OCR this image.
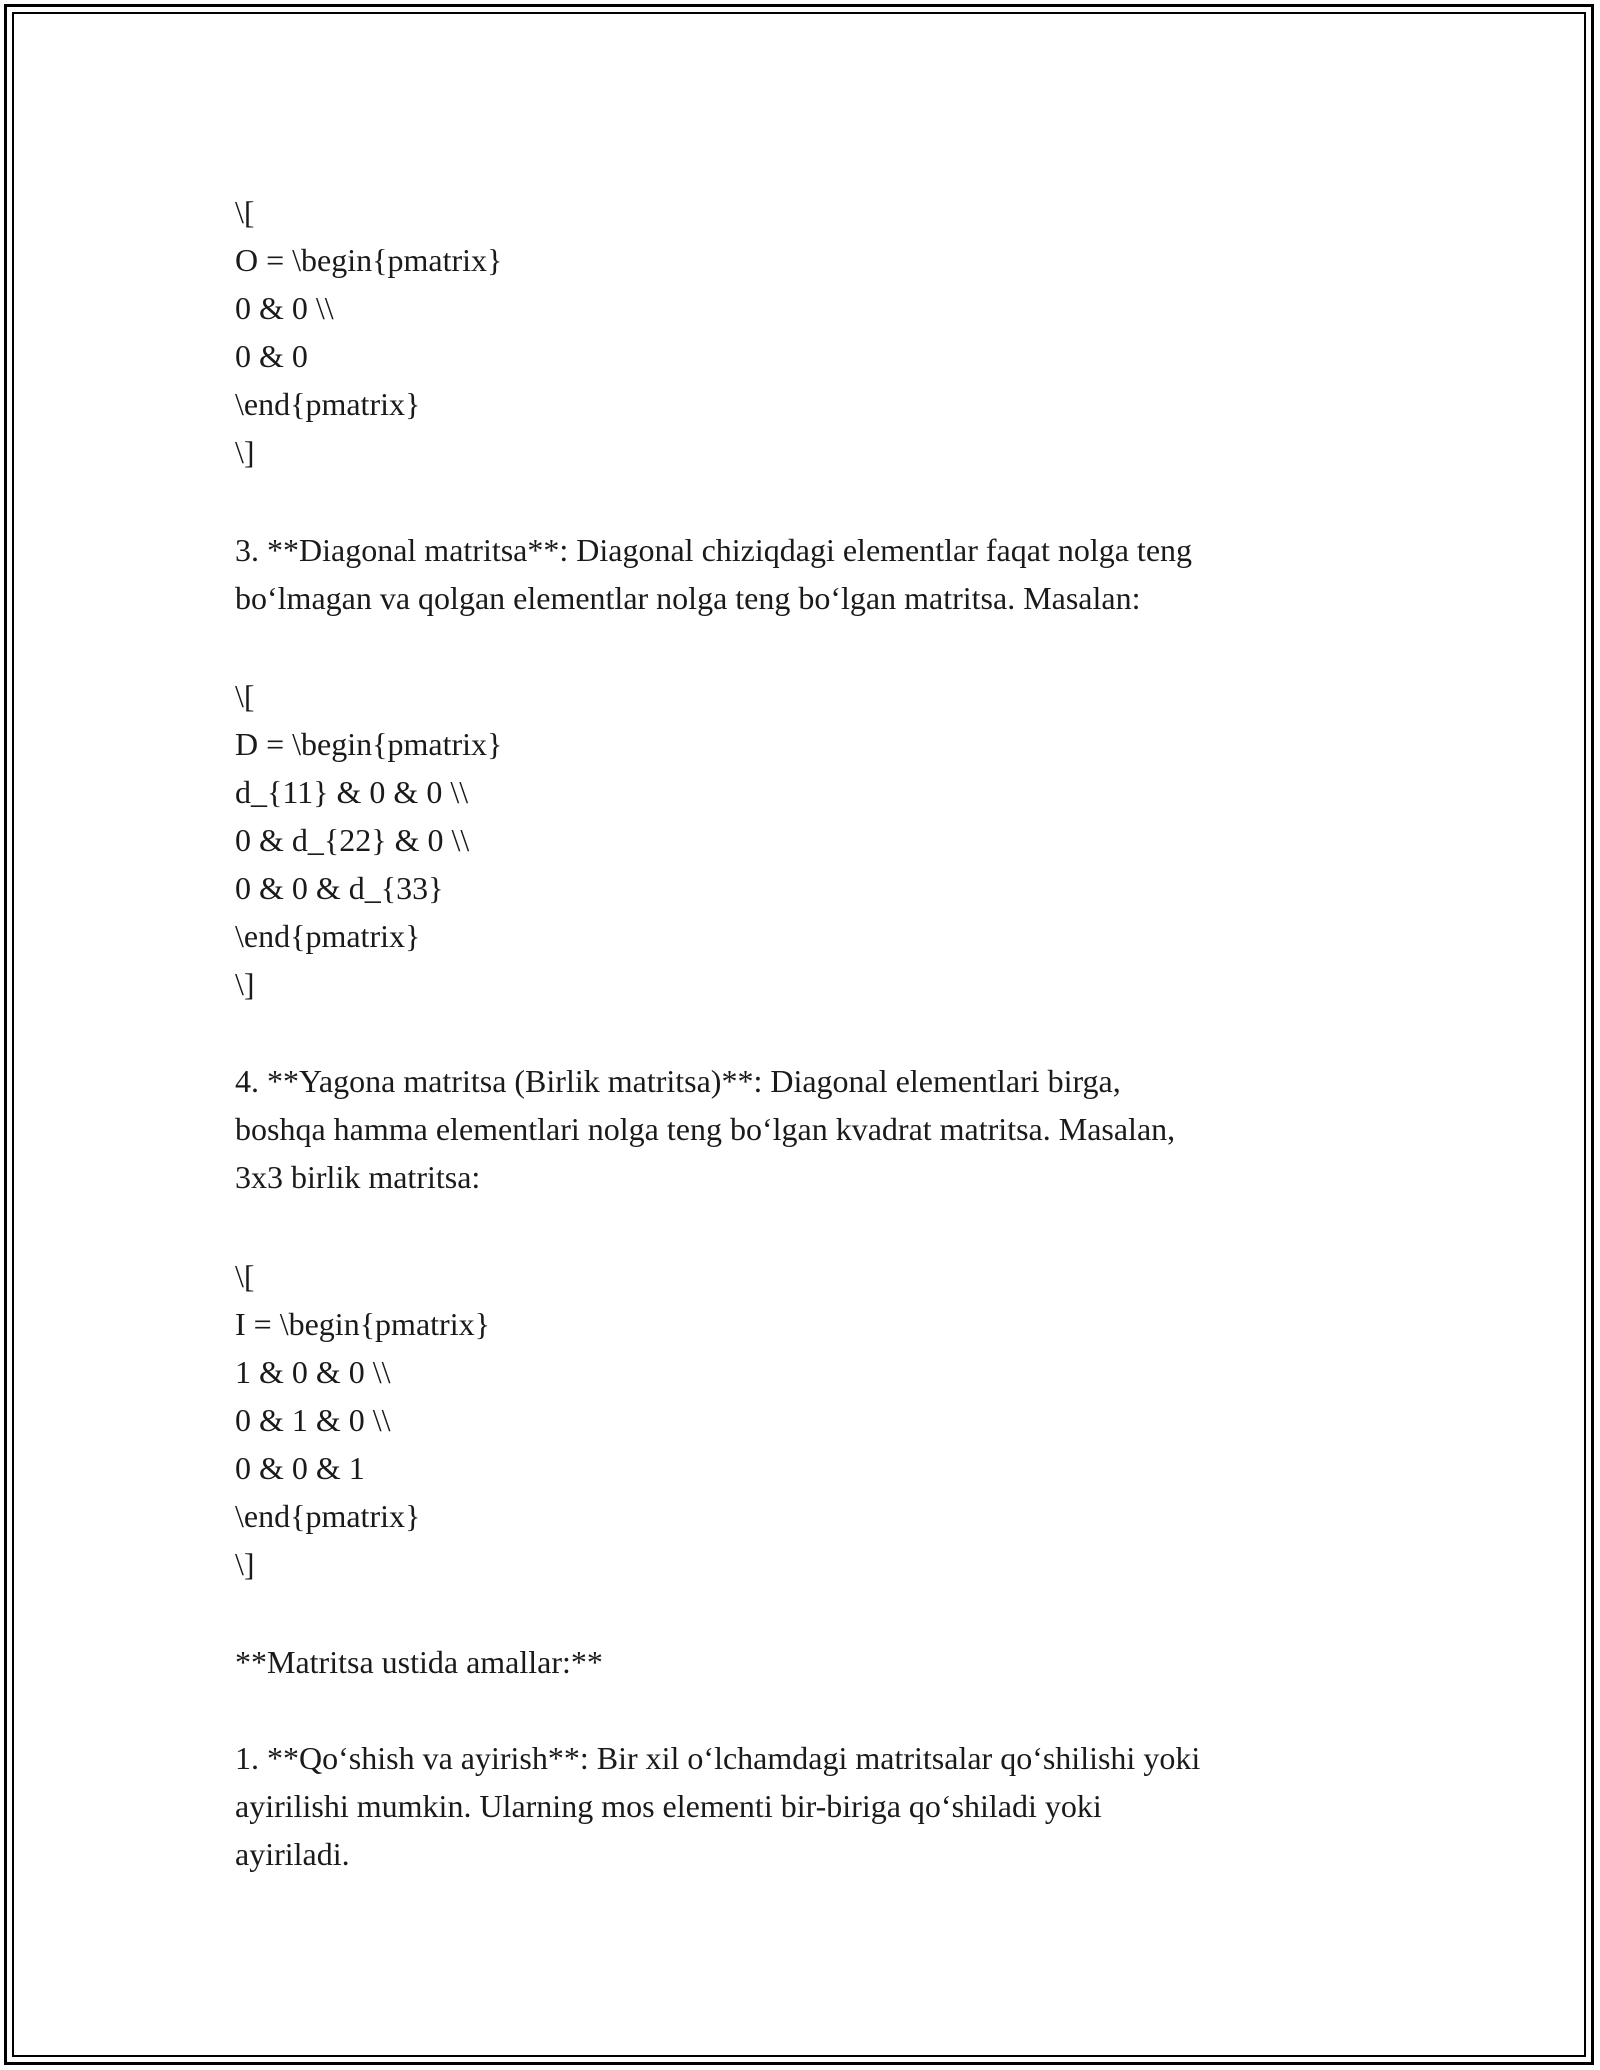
\[
O = \begin{pmatrix}
0 & 0 \\
0 & 0
\end{pmatrix}
\]
3. **Diagonal matritsa**: Diagonal chiziqdagi elementlar faqat nolga teng
bo‘lmagan va qolgan elementlar nolga teng bo‘lgan matritsa. Masalan:
\[
D = \begin{pmatrix}
d_{11} & 0 & 0 \\
0 & d_{22} & 0 \\
0 & 0 & d_{33}
\end{pmatrix}
\]
4. **Yagona matritsa (Birlik matritsa)**: Diagonal elementlari birga,
boshqa hamma elementlari nolga teng bo‘lgan kvadrat matritsa. Masalan,
3x3 birlik matritsa:
\[
I = \begin{pmatrix}
1 & 0 & 0 \\
0 & 1 & 0 \\
0 & 0 & 1
\end{pmatrix}
\]
**Matritsa ustida amallar:**
1. **Qo‘shish va ayirish**: Bir xil o‘lchamdagi matritsalar qo‘shilishi yoki
ayirilishi mumkin. Ularning mos elementi bir-biriga qo‘shiladi yoki
ayiriladi.
